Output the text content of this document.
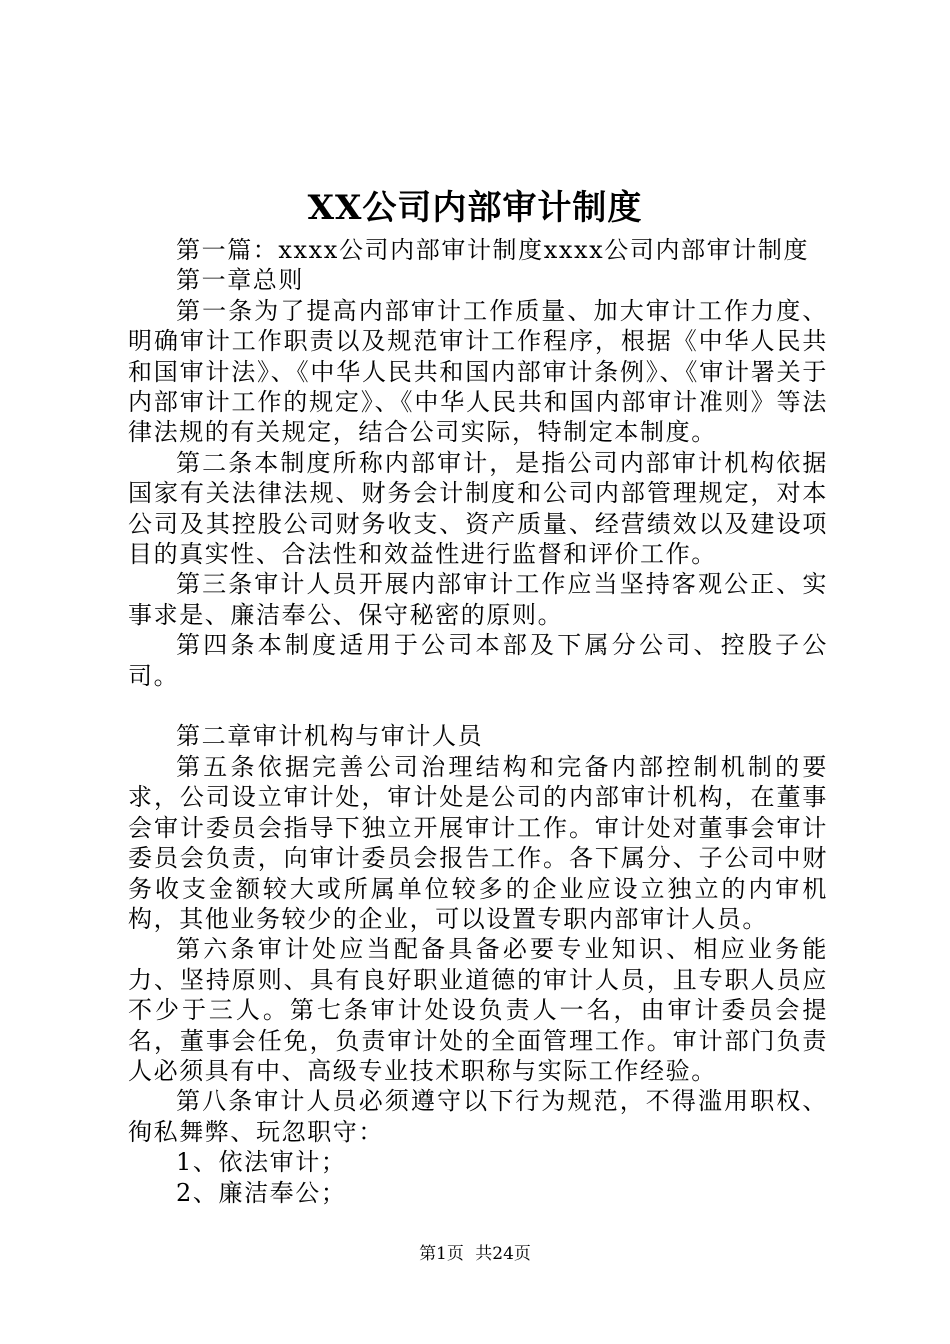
XX公司内部审计制度

第一篇：xxxx公司内部审计制度xxxx公司内部审计制度

第一章总则

第一条为了提高内部审计工作质量、加大审计工作力度、明确审计工作职责以及规范审计工作程序，根据《中华人民共和国审计法》、《中华人民共和国内部审计条例》、《审计署关于内部审计工作的规定》、《中华人民共和国内部审计准则》等法律法规的有关规定，结合公司实际，特制定本制度。

第二条本制度所称内部审计，是指公司内部审计机构依据国家有关法律法规、财务会计制度和公司内部管理规定，对本公司及其控股公司财务收支、资产质量、经营绩效以及建设项目的真实性、合法性和效益性进行监督和评价工作。

第三条审计人员开展内部审计工作应当坚持客观公正、实事求是、廉洁奉公、保守秘密的原则。

第四条本制度适用于公司本部及下属分公司、控股子公司。

第二章审计机构与审计人员

第五条依据完善公司治理结构和完备内部控制机制的要求，公司设立审计处，审计处是公司的内部审计机构，在董事会审计委员会指导下独立开展审计工作。审计处对董事会审计委员会负责，向审计委员会报告工作。各下属分、子公司中财务收支金额较大或所属单位较多的企业应设立独立的内审机构，其他业务较少的企业，可以设置专职内部审计人员。

第六条审计处应当配备具备必要专业知识、相应业务能力、坚持原则、具有良好职业道德的审计人员，且专职人员应不少于三人。第七条审计处设负责人一名，由审计委员会提名，董事会任免，负责审计处的全面管理工作。审计部门负责人必须具有中、高级专业技术职称与实际工作经验。

第八条审计人员必须遵守以下行为规范，不得滥用职权、徇私舞弊、玩忽职守：

1、依法审计；

2、廉洁奉公；

第1页 共24页
